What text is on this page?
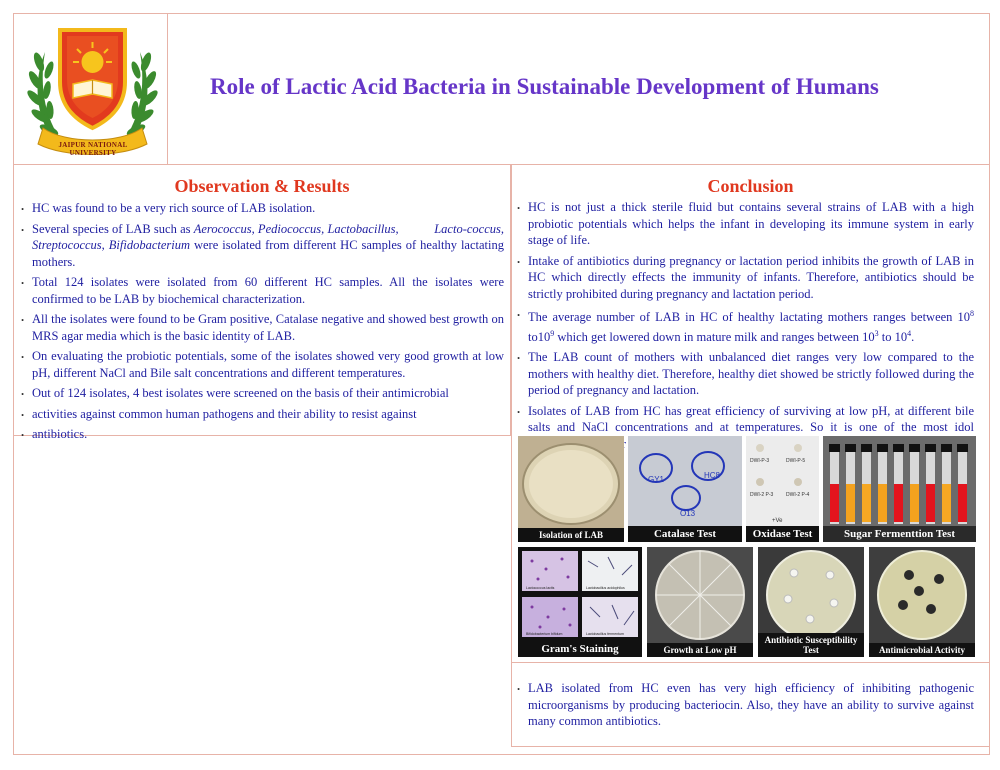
JAIPUR NATIONAL UNIVERSITY
Role of Lactic Acid Bacteria in Sustainable Development of Humans
Observation & Results
. HC was found to be a very rich source of LAB isolation.
. Several species of LAB such as Aerococcus, Pediococcus, Lactobacillus,           Lacto-coccus, Streptococcus, Bifidobacterium were isolated from different HC samples of healthy lactating mothers.
. Total 124 isolates were isolated from 60 different HC samples. All the isolates were confirmed to be LAB by biochemical characterization.
. All the isolates were found to be Gram positive, Catalase negative and showed best growth on MRS agar media which is the basic identity of LAB.
. On evaluating the probiotic potentials, some of the isolates showed very good growth at low pH, different NaCl and Bile salt concentrations and different temperatures.
. Out of 124 isolates, 4 best isolates were screened on the basis of their antimicrobial
. activities against common human pathogens and their ability to resist against
. antibiotics.
Conclusion
. HC is not just a thick sterile fluid but contains several strains of LAB with a high probiotic potentials which helps the infant in developing its immune system in early stage of life.
. Intake of antibiotics during pregnancy or lactation period inhibits the growth of LAB in HC which directly effects the immunity of infants. Therefore, antibiotics should be strictly prohibited during pregnancy and lactation period.
. The average number of LAB in HC of healthy lactating mothers ranges between $10^8$ $to10^9$ which get lowered down in mature milk and ranges between $10^3$ to $10^4$.
. The LAB count of mothers with unbalanced diet ranges very low compared to the mothers with healthy diet. Therefore, healthy diet showed be strictly followed during the period of pregnancy and lactation.
. Isolates of LAB from HC has great efficiency of surviving at low pH, at different bile salts and NaCl concentrations and at temperatures. So it is one of the most idol
Isolation of LAB
GY1	HC8
O13
Catalase Test
DWI-P-3	DWI-P-5
DWI-2 P-3	DWI-2 P-4
+Ve
Oxidase Test	Sugar Fermenttion Test
Lactococcus lactis	Lactobacillus acidophilus
Bifidobacterium bifidum	Lactobacillus fermentum
Gram's Staining	Growth at Low pH
Antibiotic Susceptibility Test	Antimicrobial Activity
. LAB isolated from HC even has very high efficiency of inhibiting pathogenic microorganisms by producing bacteriocin. Also, they have an ability to survive against many common antibiotics.
